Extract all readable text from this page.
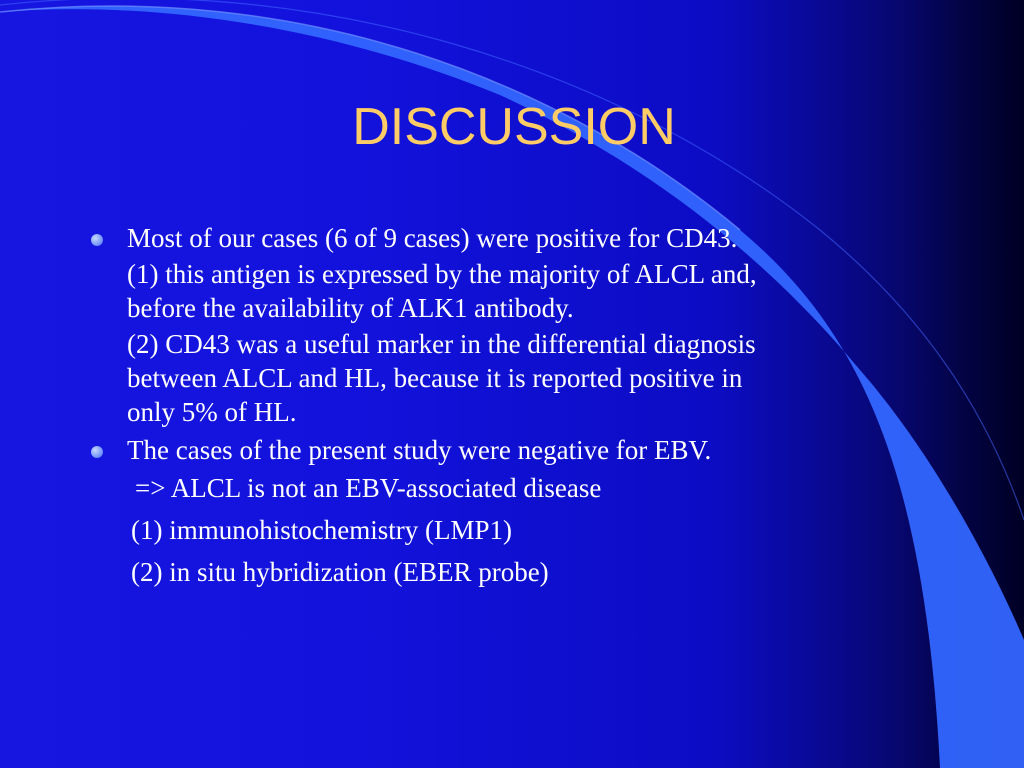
DISCUSSION
Most of our cases (6 of 9 cases) were positive for CD43.
(1) this antigen is expressed by the majority of ALCL and,
before the availability of ALK1 antibody.
(2) CD43 was a useful marker in the differential diagnosis
between ALCL and HL, because it is reported positive in
only 5% of HL.
The cases of the present study were negative for EBV.
=> ALCL is not an EBV-associated disease
(1) immunohistochemistry (LMP1)
(2) in situ hybridization (EBER probe)
